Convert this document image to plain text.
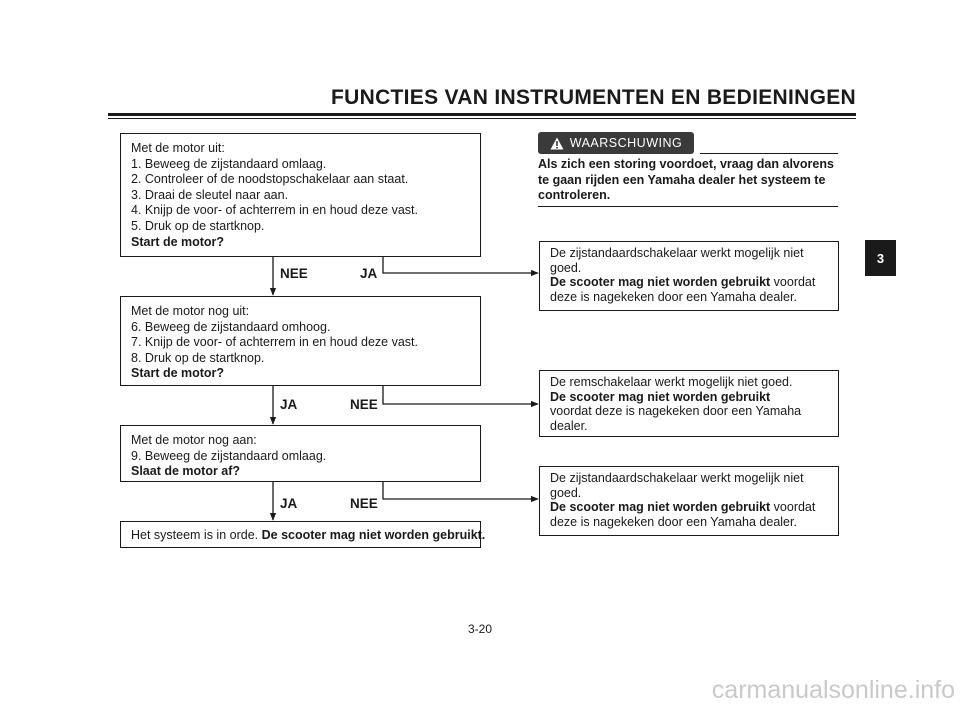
FUNCTIES VAN INSTRUMENTEN EN BEDIENINGEN
Met de motor uit:
1. Beweeg de zijstandaard omlaag.
2. Controleer of de noodstopschakelaar aan staat.
3. Draai de sleutel naar aan.
4. Knijp de voor- of achterrem in en houd deze vast.
5. Druk op de startknop.
Start de motor?
NEE	JA
Met de motor nog uit:
6. Beweeg de zijstandaard omhoog.
7. Knijp de voor- of achterrem in en houd deze vast.
8. Druk op de startknop.
Start de motor?
JA	NEE
Met de motor nog aan:
9. Beweeg de zijstandaard omlaag.
Slaat de motor af?
JA	NEE
Het systeem is in orde. De scooter mag niet worden gebruikt.
WAARSCHUWING
Als zich een storing voordoet, vraag dan alvorens te gaan rijden een Yamaha dealer het systeem te controleren.
De zijstandaardschakelaar werkt mogelijk niet goed.
De scooter mag niet worden gebruikt voordat deze is nagekeken door een Yamaha dealer.
De remschakelaar werkt mogelijk niet goed.
De scooter mag niet worden gebruikt
voordat deze is nagekeken door een Yamaha dealer.
De zijstandaardschakelaar werkt mogelijk niet goed.
De scooter mag niet worden gebruikt voordat deze is nagekeken door een Yamaha dealer.
3
3-20
carmanualsonline.info
